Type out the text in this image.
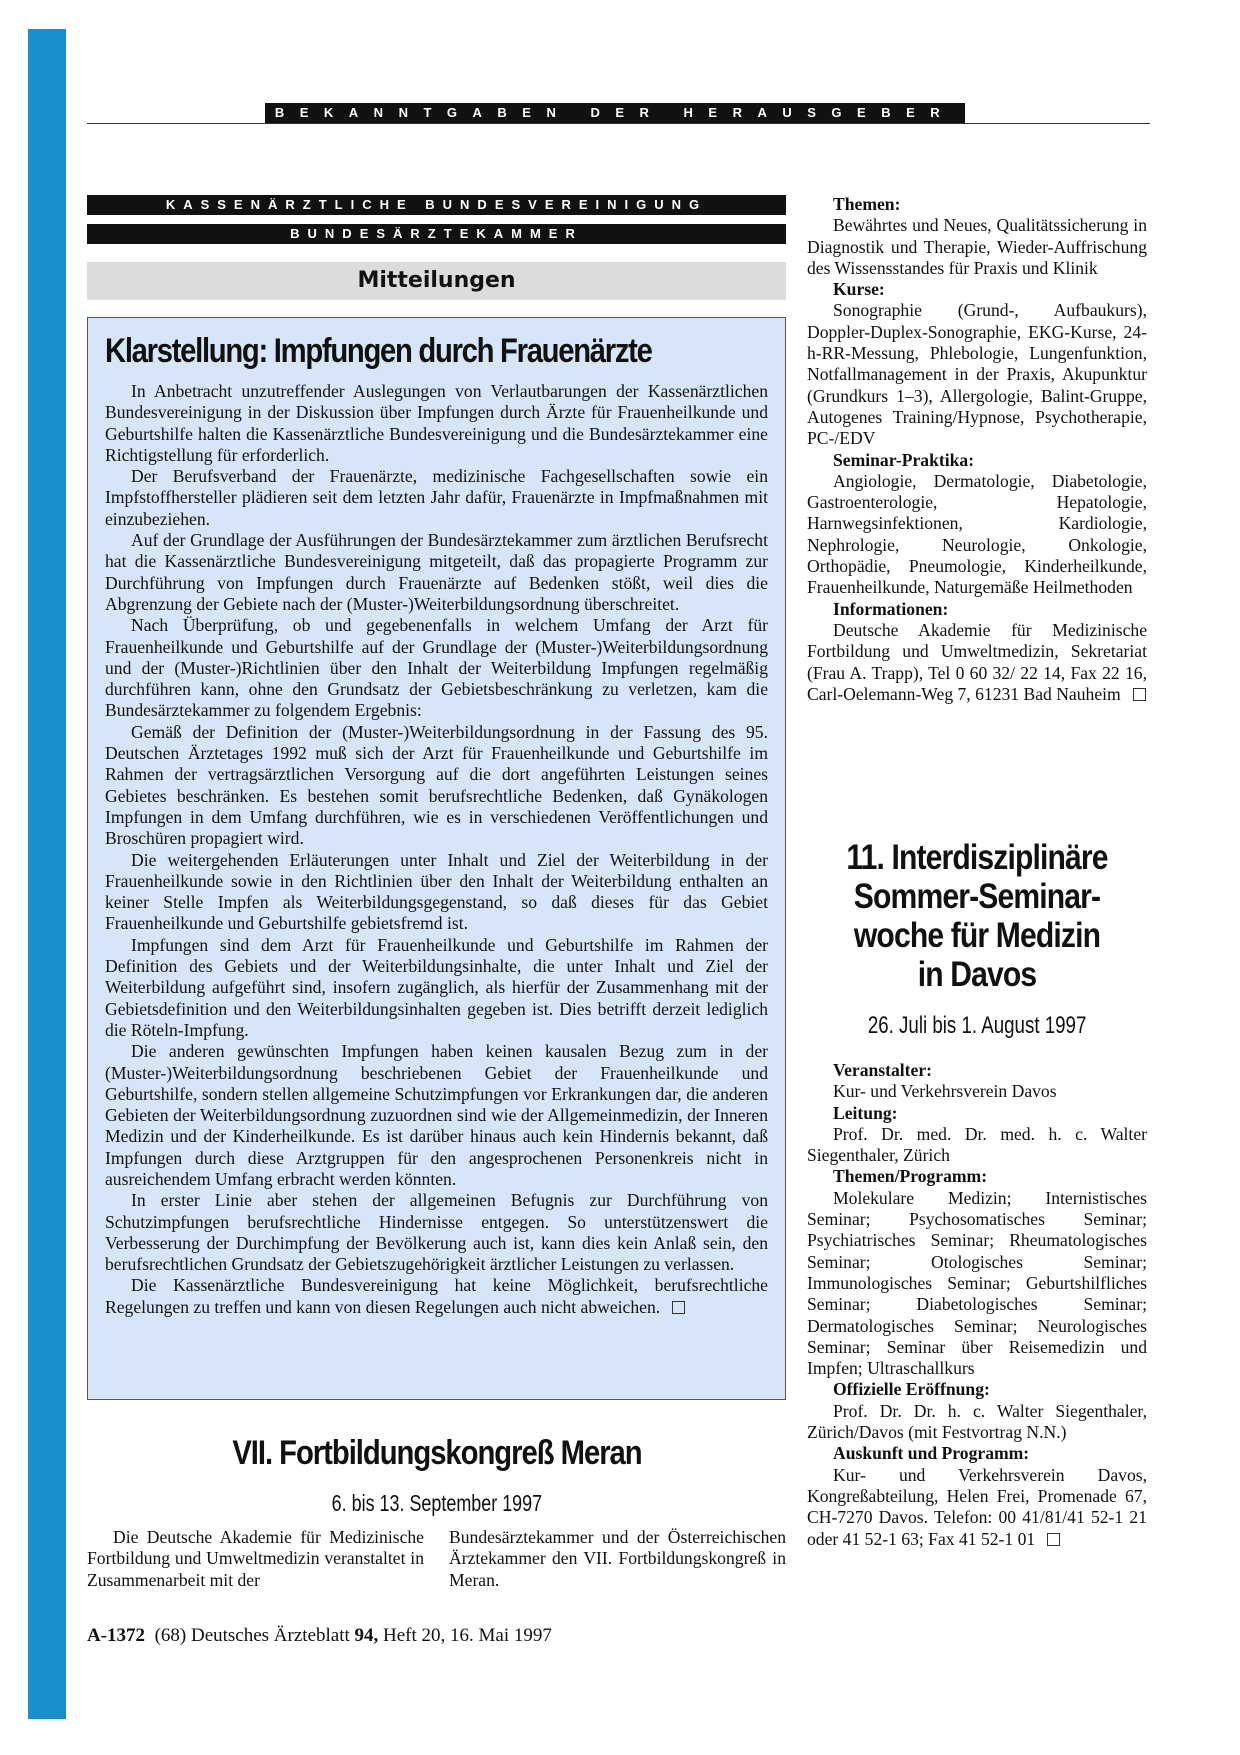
BEKANNTGABEN DER HERAUSGEBER
KASSENÄRZTLICHE BUNDESVEREINIGUNG
BUNDESÄRZTEKAMMER
Mitteilungen
Klarstellung: Impfungen durch Frauenärzte

In Anbetracht unzutreffender Auslegungen von Verlautbarungen der Kassenärztlichen Bundesvereinigung in der Diskussion über Impfungen durch Ärzte für Frauenheilkunde und Geburtshilfe halten die Kassenärztliche Bundesvereinigung und die Bundesärztekammer eine Richtigstellung für erforderlich.

Der Berufsverband der Frauenärzte, medizinische Fachgesellschaften sowie ein Impfstoffhersteller plädieren seit dem letzten Jahr dafür, Frauenärzte in Impfmaßnahmen mit einzubeziehen.

Auf der Grundlage der Ausführungen der Bundesärztekammer zum ärztlichen Berufsrecht hat die Kassenärztliche Bundesvereinigung mitgeteilt, daß das propagierte Programm zur Durchführung von Impfungen durch Frauenärzte auf Bedenken stößt, weil dies die Abgrenzung der Gebiete nach der (Muster-)Weiterbildungsordnung überschreitet.

Nach Überprüfung, ob und gegebenenfalls in welchem Umfang der Arzt für Frauenheilkunde und Geburtshilfe auf der Grundlage der (Muster-)Weiterbildungsordnung und der (Muster-)Richtlinien über den Inhalt der Weiterbildung Impfungen regelmäßig durchführen kann, ohne den Grundsatz der Gebietsbeschränkung zu verletzen, kam die Bundesärztekammer zu folgendem Ergebnis:

Gemäß der Definition der (Muster-)Weiterbildungsordnung in der Fassung des 95. Deutschen Ärztetages 1992 muß sich der Arzt für Frauenheilkunde und Geburtshilfe im Rahmen der vertragsärztlichen Versorgung auf die dort angeführten Leistungen seines Gebietes beschränken. Es bestehen somit berufsrechtliche Bedenken, daß Gynäkologen Impfungen in dem Umfang durchführen, wie es in verschiedenen Veröffentlichungen und Broschüren propagiert wird.

Die weitergehenden Erläuterungen unter Inhalt und Ziel der Weiterbildung in der Frauenheilkunde sowie in den Richtlinien über den Inhalt der Weiterbildung enthalten an keiner Stelle Impfen als Weiterbildungsgegenstand, so daß dieses für das Gebiet Frauenheilkunde und Geburtshilfe gebietsfremd ist.

Impfungen sind dem Arzt für Frauenheilkunde und Geburtshilfe im Rahmen der Definition des Gebiets und der Weiterbildungsinhalte, die unter Inhalt und Ziel der Weiterbildung aufgeführt sind, insofern zugänglich, als hierfür der Zusammenhang mit der Gebietsdefinition und den Weiterbildungsinhalten gegeben ist. Dies betrifft derzeit lediglich die Röteln-Impfung.

Die anderen gewünschten Impfungen haben keinen kausalen Bezug zum in der (Muster-)Weiterbildungsordnung beschriebenen Gebiet der Frauenheilkunde und Geburtshilfe, sondern stellen allgemeine Schutzimpfungen vor Erkrankungen dar, die anderen Gebieten der Weiterbildungsordnung zuzuordnen sind wie der Allgemeinmedizin, der Inneren Medizin und der Kinderheilkunde. Es ist darüber hinaus auch kein Hindernis bekannt, daß Impfungen durch diese Arztgruppen für den angesprochenen Personenkreis nicht in ausreichendem Umfang erbracht werden könnten.

In erster Linie aber stehen der allgemeinen Befugnis zur Durchführung von Schutzimpfungen berufsrechtliche Hindernisse entgegen. So unterstützenswert die Verbesserung der Durchimpfung der Bevölkerung auch ist, kann dies kein Anlaß sein, den berufsrechtlichen Grundsatz der Gebietszugehörigkeit ärztlicher Leistungen zu verlassen.

Die Kassenärztliche Bundesvereinigung hat keine Möglichkeit, berufsrechtliche Regelungen zu treffen und kann von diesen Regelungen auch nicht abweichen.

VII. Fortbildungskongreß Meran
6. bis 13. September 1997

Die Deutsche Akademie für Medizinische Fortbildung und Umweltmedizin veranstaltet in Zusammenarbeit mit der

Bundesärztekammer und der Österreichischen Ärztekammer den VII. Fortbildungskongreß in Meran.
Themen:
Bewährtes und Neues, Qualitätssicherung in Diagnostik und Therapie, Wieder-Auffrischung des Wissensstandes für Praxis und Klinik
Kurse:
Sonographie (Grund-, Aufbaukurs), Doppler-Duplex-Sonographie, EKG-Kurse, 24-h-RR-Messung, Phlebologie, Lungenfunktion, Notfallmanagement in der Praxis, Akupunktur (Grundkurs 1–3), Allergologie, Balint-Gruppe, Autogenes Training/Hypnose, Psychotherapie, PC-/EDV
Seminar-Praktika:
Angiologie, Dermatologie, Diabetologie, Gastroenterologie, Hepatologie, Harnwegsinfektionen, Kardiologie, Nephrologie, Neurologie, Onkologie, Orthopädie, Pneumologie, Kinderheilkunde, Frauenheilkunde, Naturgemäße Heilmethoden
Informationen:
Deutsche Akademie für Medizinische Fortbildung und Umweltmedizin, Sekretariat (Frau A. Trapp), Tel 0 60 32/ 22 14, Fax 22 16, Carl-Oelemann-Weg 7, 61231 Bad Nauheim
11. Interdisziplinäre
Sommer-Seminar-
woche für Medizin
in Davos
26. Juli bis 1. August 1997
Veranstalter:
Kur- und Verkehrsverein Davos
Leitung:
Prof. Dr. med. Dr. med. h. c. Walter Siegenthaler, Zürich
Themen/Programm:
Molekulare Medizin; Internistisches Seminar; Psychosomatisches Seminar; Psychiatrisches Seminar; Rheumatologisches Seminar; Otologisches Seminar; Immunologisches Seminar; Geburtshilfliches Seminar; Diabetologisches Seminar; Dermatologisches Seminar; Neurologisches Seminar; Seminar über Reisemedizin und Impfen; Ultraschallkurs
Offizielle Eröffnung:
Prof. Dr. Dr. h. c. Walter Siegenthaler, Zürich/Davos (mit Festvortrag N.N.)
Auskunft und Programm:
Kur- und Verkehrsverein Davos, Kongreßabteilung, Helen Frei, Promenade 67, CH-7270 Davos. Telefon: 00 41/81/41 52-1 21 oder 41 52-1 63; Fax 41 52-1 01
A-1372 (68) Deutsches Ärzteblatt 94, Heft 20, 16. Mai 1997
